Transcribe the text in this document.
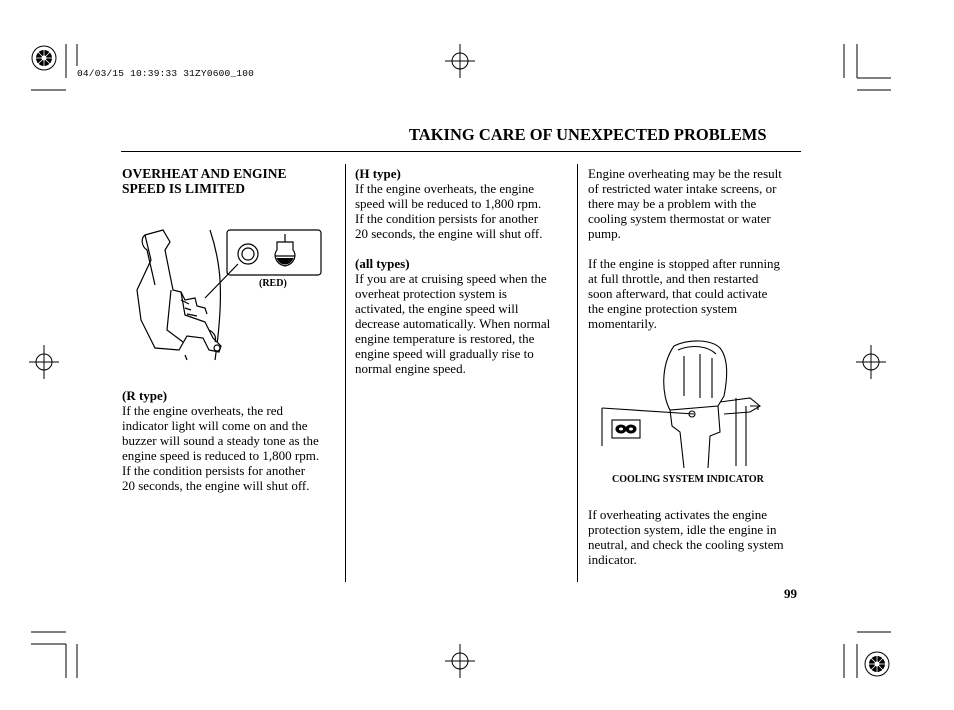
04/03/15 10:39:33 31ZY0600_100
TAKING CARE OF UNEXPECTED PROBLEMS

OVERHEAT AND ENGINE

SPEED IS LIMITED

(RED)

(R type)

If the engine overheats, the red

indicator light will come on and the

buzzer will sound a steady tone as the

engine speed is reduced to 1,800 rpm.

If the condition persists for another

20 seconds, the engine will shut off.

(H type)

If the engine overheats, the engine

speed will be reduced to 1,800 rpm.

If the condition persists for another

20 seconds, the engine will shut off.

(all types)

If you are at cruising speed when the

overheat protection system is

activated, the engine speed will

decrease automatically. When normal

engine temperature is restored, the

engine speed will gradually rise to

normal engine speed.

Engine overheating may be the result

of restricted water intake screens, or

there may be a problem with the

cooling system thermostat or water

pump.

If the engine is stopped after running

at full throttle, and then restarted

soon afterward, that could activate

the engine protection system

momentarily.

COOLING SYSTEM INDICATOR

If overheating activates the engine

protection system, idle the engine in

neutral, and check the cooling system

indicator.

99
